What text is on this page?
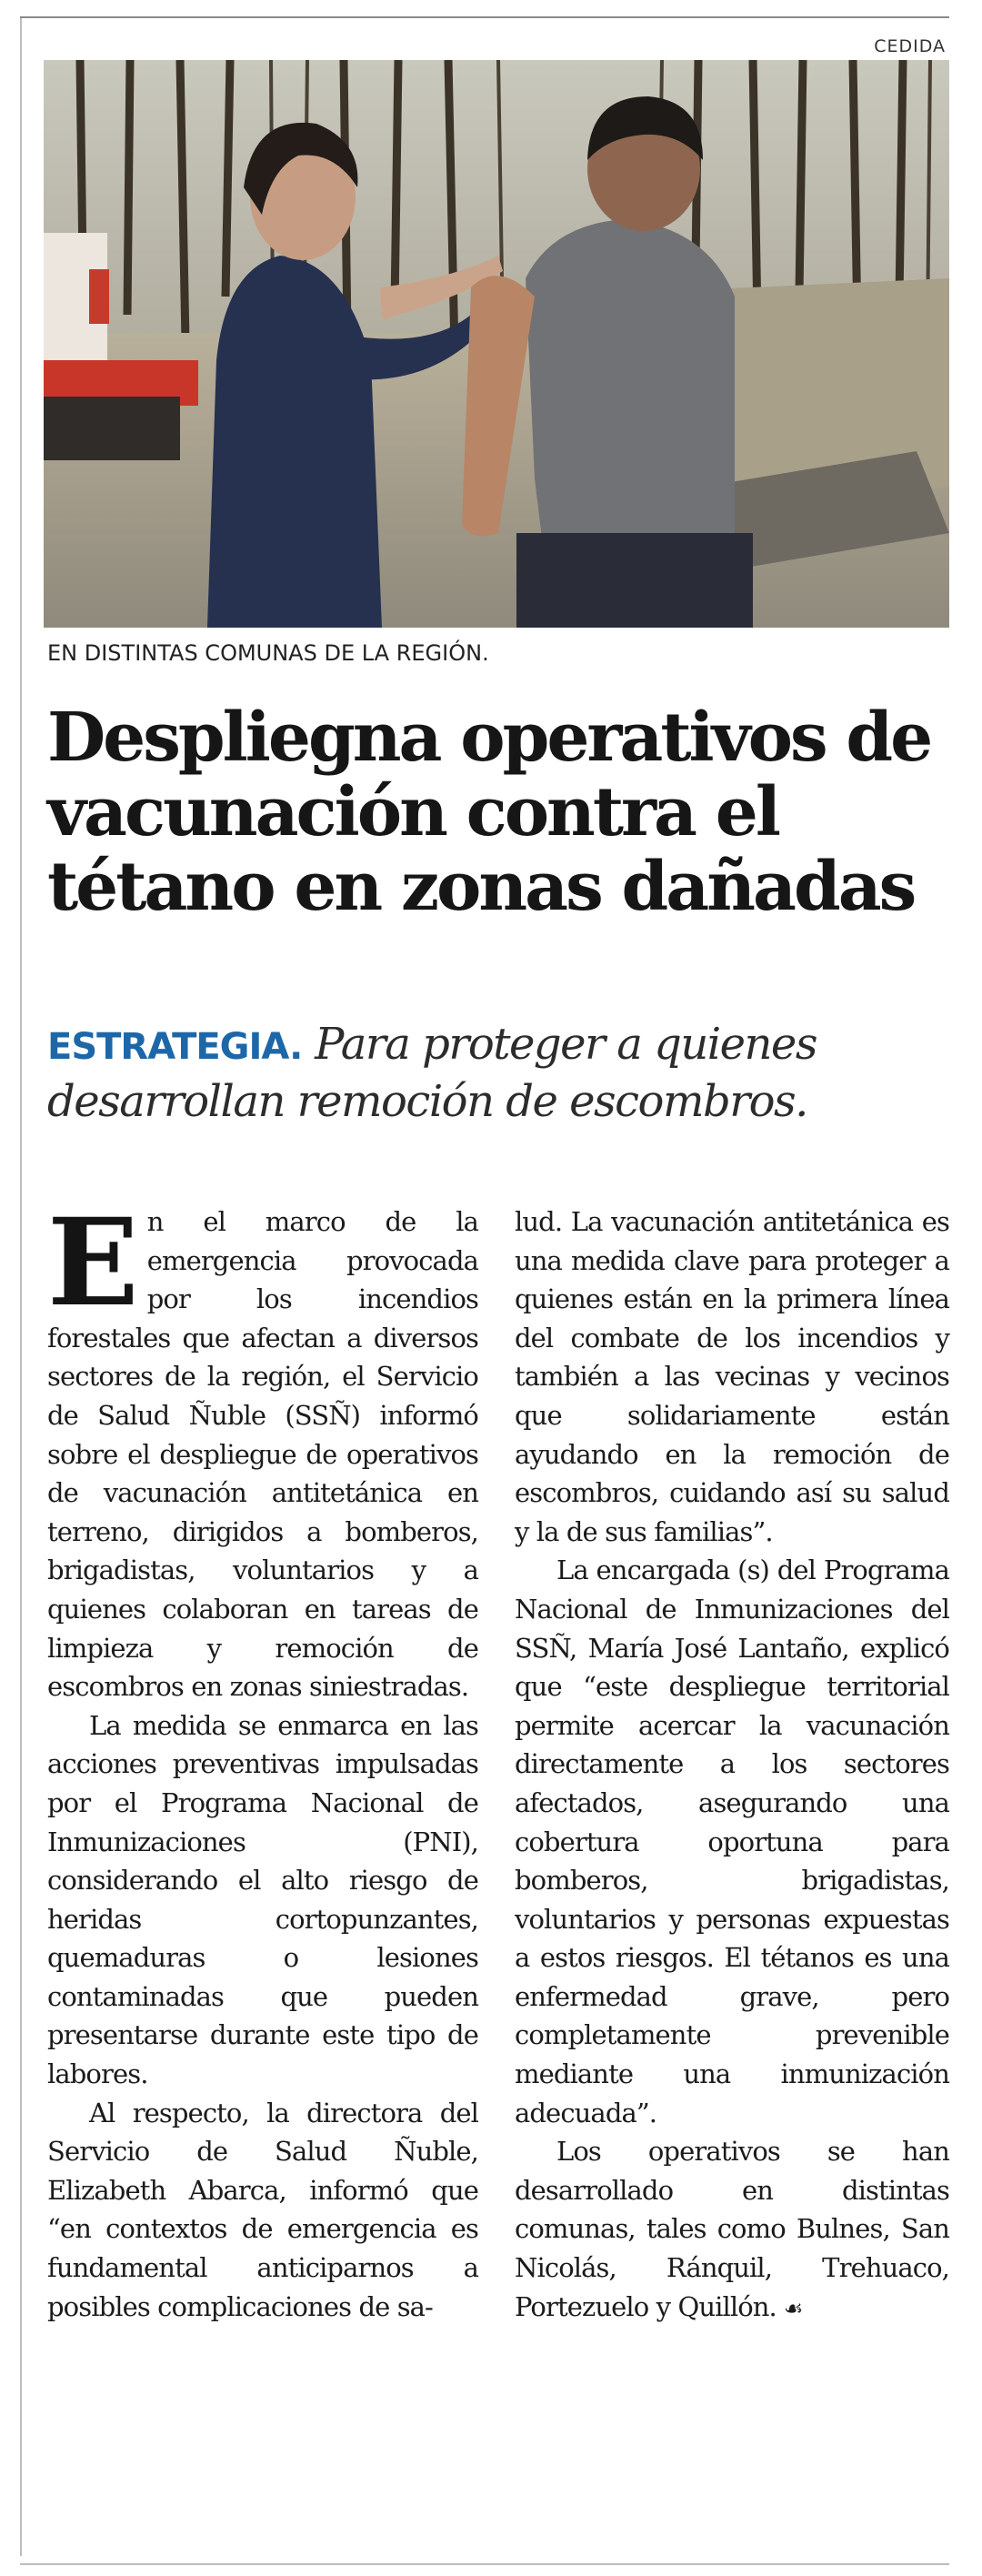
CEDIDA
EN DISTINTAS COMUNAS DE LA REGIÓN.
Despliegna operativos de vacunación contra el tétano en zonas dañadas

ESTRATEGIA. Para proteger a quienes desarrollan remoción de escombros.

En el marco de la emergencia provocada por los incendios forestales que afectan a diversos sectores de la región, el Servicio de Salud Ñuble (SSÑ) informó sobre el despliegue de operativos de vacunación antitetánica en terreno, dirigidos a bomberos, brigadistas, voluntarios y a quienes colaboran en tareas de limpieza y remoción de escombros en zonas siniestradas.

La medida se enmarca en las acciones preventivas impulsadas por el Programa Nacional de Inmunizaciones (PNI), considerando el alto riesgo de heridas cortopunzantes, quemaduras o lesiones contaminadas que pueden presentarse durante este tipo de labores.

Al respecto, la directora del Servicio de Salud Ñuble, Elizabeth Abarca, informó que “en contextos de emergencia es fundamental anticiparnos a posibles complicaciones de sa-

lud. La vacunación antitetánica es una medida clave para proteger a quienes están en la primera línea del combate de los incendios y también a las vecinas y vecinos que solidariamente están ayudando en la remoción de escombros, cuidando así su salud y la de sus familias”.

La encargada (s) del Programa Nacional de Inmunizaciones del SSÑ, María José Lantaño, explicó que “este despliegue territorial permite acercar la vacunación directamente a los sectores afectados, asegurando una cobertura oportuna para bomberos, brigadistas, voluntarios y personas expuestas a estos riesgos. El tétanos es una enfermedad grave, pero completamente prevenible mediante una inmunización adecuada”.

Los operativos se han desarrollado en distintas comunas, tales como Bulnes, San Nicolás, Ránquil, Trehuaco, Portezuelo y Quillón. ☙
